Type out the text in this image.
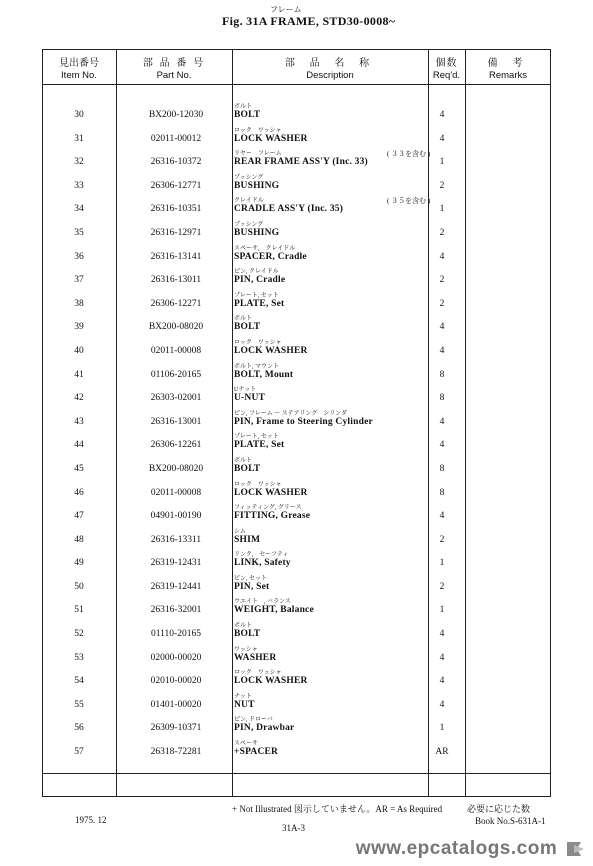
フレーム
Fig. 31A FRAME, STD30-0008~
見出番号
Item No.
部 品 番 号
Part No.
部 品 名 称
Description
個数
Req'd.
備 考
Remarks
30	BX200-12030
ボルト
BOLT	4
31	02011-00012
ロック　ワッシャ
LOCK WASHER	4
32	26316-10372
リヤー　フレーム
REAR FRAME ASS'Y (Inc. 33)
( ３３を含む )
1
33	26306-12771
ブッシング
BUSHING	2
34	26316-10351
クレイドル
CRADLE ASS'Y (Inc. 35)
( ３５を含む )
1
35	26316-12971
ブッシング
BUSHING	2
36	26316-13141
スペーサ,　クレイドル
SPACER, Cradle	4
37	26316-13011
ピン, クレイドル
PIN, Cradle	2
38	26306-12271
プレート, セット
PLATE, Set	2
39	BX200-08020
ボルト
BOLT	4
40	02011-00008
ロック　ワッシャ
LOCK WASHER	4
41	01106-20165
ボルト, マウント
BOLT, Mount	8
42	26303-02001
Uナット
U-NUT	8
43	26316-13001
ピン, フレーム 〜 ステアリング　シリンダ
PIN, Frame to Steering Cylinder	4
44	26306-12261
プレート, セット
PLATE, Set	4
45	BX200-08020
ボルト
BOLT	8
46	02011-00008
ロック　ワッシャ
LOCK WASHER	8
47	04901-00190
フィッティング, グリース
FITTING, Grease	4
48	26316-13311
シム
SHIM	2
49	26319-12431
リンク,　セーフティ
LINK, Safety	1
50	26319-12441
ピン, セット
PIN, Set	2
51	26316-32001
ウエイト　, バランス
WEIGHT, Balance	1
52	01110-20165
ボルト
BOLT	4
53	02000-00020
ワッシャ
WASHER	4
54	02010-00020
ロック　ワッシャ
LOCK WASHER	4
55	01401-00020
ナット
NUT	4
56	26309-10371
ピン, ドローバ
PIN, Drawbar	1
57	26318-72281
スペーサ
+SPACER	AR
1975. 12
+ Not Illustrated 図示していません。AR = As Required	必要に応じた数
Book No.S-631A-1
31A-3
www.epcatalogs.com
